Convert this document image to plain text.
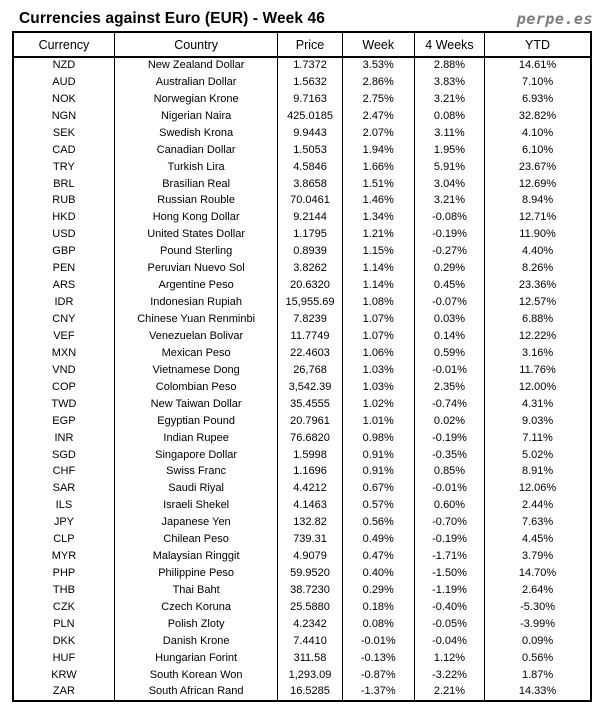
Currencies against Euro (EUR) - Week 46	perpe.es
Currency	Country	Price	Week	4 Weeks	YTD
NZD	New Zealand Dollar	1.7372	3.53%	2.88%	14.61%
AUD	Australian Dollar	1.5632	2.86%	3.83%	7.10%
NOK	Norwegian Krone	9.7163	2.75%	3.21%	6.93%
NGN	Nigerian Naira	425.0185	2.47%	0.08%	32.82%
SEK	Swedish Krona	9.9443	2.07%	3.11%	4.10%
CAD	Canadian Dollar	1.5053	1.94%	1.95%	6.10%
TRY	Turkish Lira	4.5846	1.66%	5.91%	23.67%
BRL	Brasilian Real	3.8658	1.51%	3.04%	12.69%
RUB	Russian Rouble	70.0461	1.46%	3.21%	8.94%
HKD	Hong Kong Dollar	9.2144	1.34%	-0.08%	12.71%
USD	United States Dollar	1.1795	1.21%	-0.19%	11.90%
GBP	Pound Sterling	0.8939	1.15%	-0.27%	4.40%
PEN	Peruvian Nuevo Sol	3.8262	1.14%	0.29%	8.26%
ARS	Argentine Peso	20.6320	1.14%	0.45%	23.36%
IDR	Indonesian Rupiah	15,955.69	1.08%	-0.07%	12.57%
CNY	Chinese Yuan Renminbi	7.8239	1.07%	0.03%	6.88%
VEF	Venezuelan Bolivar	11.7749	1.07%	0.14%	12.22%
MXN	Mexican Peso	22.4603	1.06%	0.59%	3.16%
VND	Vietnamese Dong	26,768	1.03%	-0.01%	11.76%
COP	Colombian Peso	3,542.39	1.03%	2.35%	12.00%
TWD	New Taiwan Dollar	35.4555	1.02%	-0.74%	4.31%
EGP	Egyptian Pound	20.7961	1.01%	0.02%	9.03%
INR	Indian Rupee	76.6820	0.98%	-0.19%	7.11%
SGD	Singapore Dollar	1.5998	0.91%	-0.35%	5.02%
CHF	Swiss Franc	1.1696	0.91%	0.85%	8.91%
SAR	Saudi Riyal	4.4212	0.67%	-0.01%	12.06%
ILS	Israeli Shekel	4.1463	0.57%	0.60%	2.44%
JPY	Japanese Yen	132.82	0.56%	-0.70%	7.63%
CLP	Chilean Peso	739.31	0.49%	-0.19%	4.45%
MYR	Malaysian Ringgit	4.9079	0.47%	-1.71%	3.79%
PHP	Philippine Peso	59.9520	0.40%	-1.50%	14.70%
THB	Thai Baht	38.7230	0.29%	-1.19%	2.64%
CZK	Czech Koruna	25.5880	0.18%	-0.40%	-5.30%
PLN	Polish Zloty	4.2342	0.08%	-0.05%	-3.99%
DKK	Danish Krone	7.4410	-0.01%	-0.04%	0.09%
HUF	Hungarian Forint	311.58	-0.13%	1.12%	0.56%
KRW	South Korean Won	1,293.09	-0.87%	-3.22%	1.87%
ZAR	South African Rand	16.5285	-1.37%	2.21%	14.33%
